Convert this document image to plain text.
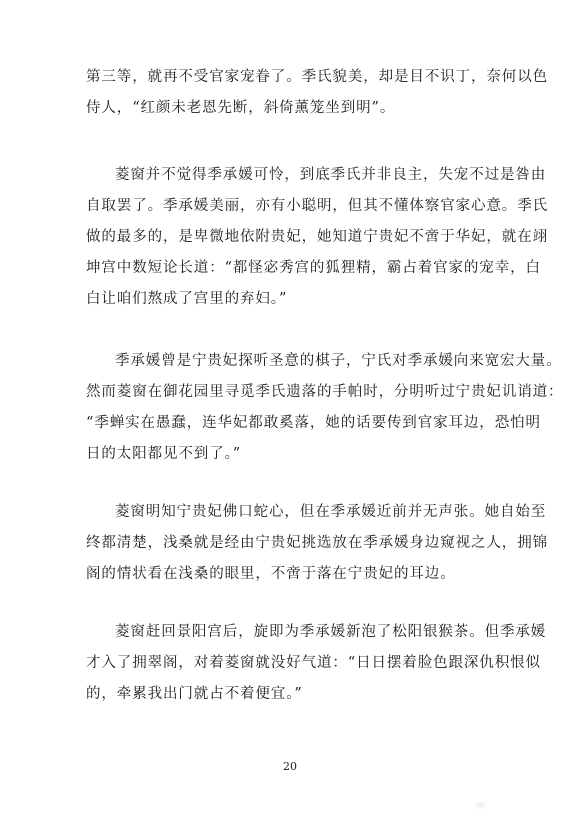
第三等，就再不受官家宠眷了。季氏貌美，却是目不识丁，奈何以色
侍人，“红颜未老恩先断，斜倚薰笼坐到明”。

菱窗并不觉得季承媛可怜，到底季氏并非良主，失宠不过是咎由
自取罢了。季承媛美丽，亦有小聪明，但其不懂体察官家心意。季氏
做的最多的，是卑微地依附贵妃，她知道宁贵妃不啻于华妃，就在翊
坤宫中数短论长道：“都怪宓秀宫的狐狸精，霸占着官家的宠幸，白
白让咱们熬成了宫里的弃妇。”

季承媛曾是宁贵妃探听圣意的棋子，宁氏对季承媛向来宽宏大量。
然而菱窗在御花园里寻觅季氏遗落的手帕时，分明听过宁贵妃讥诮道：
“季蝉实在愚蠢，连华妃都敢奚落，她的话要传到官家耳边，恐怕明
日的太阳都见不到了。”

菱窗明知宁贵妃佛口蛇心，但在季承媛近前并无声张。她自始至
终都清楚，浅桑就是经由宁贵妃挑选放在季承媛身边窥视之人，拥锦
阁的情状看在浅桑的眼里，不啻于落在宁贵妃的耳边。

菱窗赶回景阳宫后，旋即为季承媛新泡了松阳银猴茶。但季承媛
才入了拥翠阁，对着菱窗就没好气道：“日日摆着脸色跟深仇积恨似
的，牵累我出门就占不着便宜。”

20
